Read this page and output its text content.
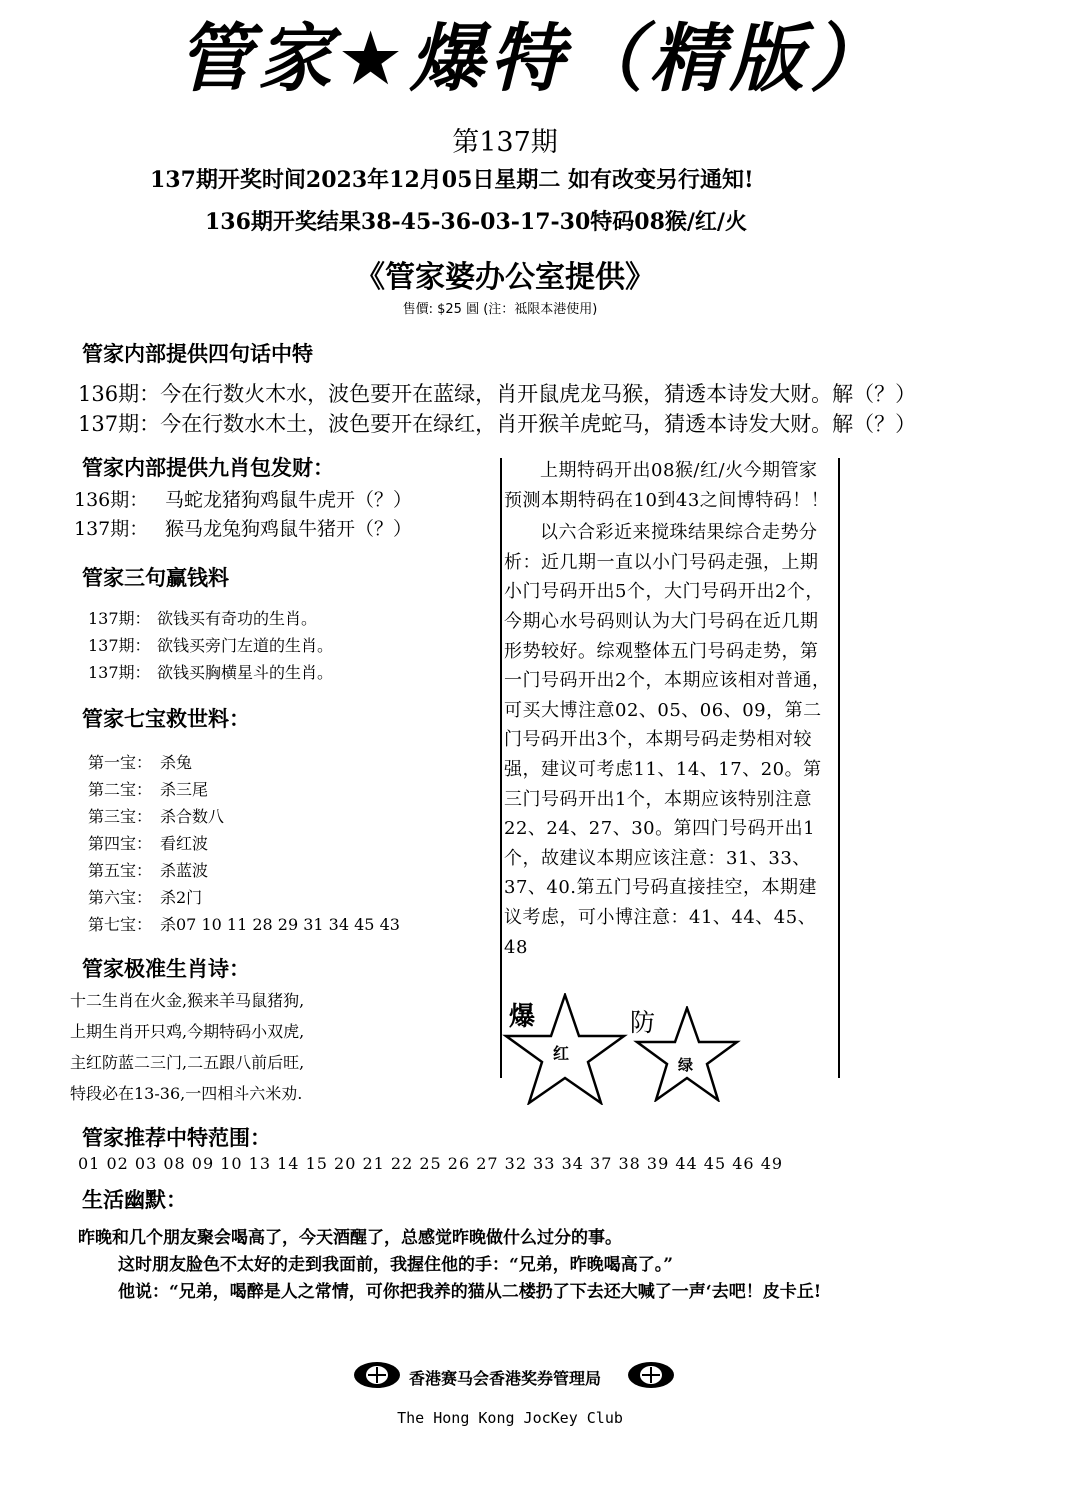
管家★爆特（精版）
第137期
137期开奖时间2023年12月05日星期二 如有改变另行通知!
136期开奖结果38-45-36-03-17-30特码08猴/红/火
《管家婆办公室提供》
售價: $25 圓 (注：祗限本港使用)
管家内部提供四句话中特
136期：今在行数火木水，波色要开在蓝绿，肖开鼠虎龙马猴，猜透本诗发大财。解（？）
137期：今在行数水木土，波色要开在绿红，肖开猴羊虎蛇马，猜透本诗发大财。解（？）
管家内部提供九肖包发财：
136期： 马蛇龙猪狗鸡鼠牛虎开（？）
137期： 猴马龙兔狗鸡鼠牛猪开（？）
管家三句赢钱料
137期： 欲钱买有奇功的生肖。
137期： 欲钱买旁门左道的生肖。
137期： 欲钱买胸横星斗的生肖。
管家七宝救世料：
第一宝： 杀兔
第二宝： 杀三尾
第三宝： 杀合数八
第四宝： 看红波
第五宝： 杀蓝波
第六宝： 杀2门
第七宝： 杀07 10 11 28 29 31 34 45 43
管家极准生肖诗：
十二生肖在火金,猴来羊马鼠猪狗,
上期生肖开只鸡,今期特码小双虎,
主红防蓝二三门,二五跟八前后旺,
特段必在13-36,一四相斗六米劝.

上期特码开出08猴/红/火今期管家预测本期特码在10到43之间博特码！！

以六合彩近来搅珠结果综合走势分析：近几期一直以小门号码走强，上期小门号码开出5个，大门号码开出2个，今期心水号码则认为大门号码在近几期形势较好。综观整体五门号码走势，第一门号码开出2个，本期应该相对普通，可买大博注意02、05、06、09，第二门号码开出3个，本期号码走势相对较强，建议可考虑11、14、17、20。第三门号码开出1个，本期应该特别注意22、24、27、30。第四门号码开出1个，故建议本期应该注意：31、33、37、40.第五门号码直接挂空，本期建议考虑，可小博注意：41、44、45、48

爆
红
防
绿
管家推荐中特范围：
01 02 03 08 09 10 13 14 15 20 21 22 25 26 27 32 33 34 37 38 39 44 45 46 49
生活幽默：
昨晚和几个朋友聚会喝高了，今天酒醒了，总感觉昨晚做什么过分的事。
这时朋友脸色不太好的走到我面前，我握住他的手：“兄弟，昨晚喝高了。”
他说：“兄弟，喝醉是人之常情，可你把我养的猫从二楼扔了下去还大喊了一声‘去吧！皮卡丘!
香港赛马会香港奖券管理局
The Hong Kong JocKey Club
